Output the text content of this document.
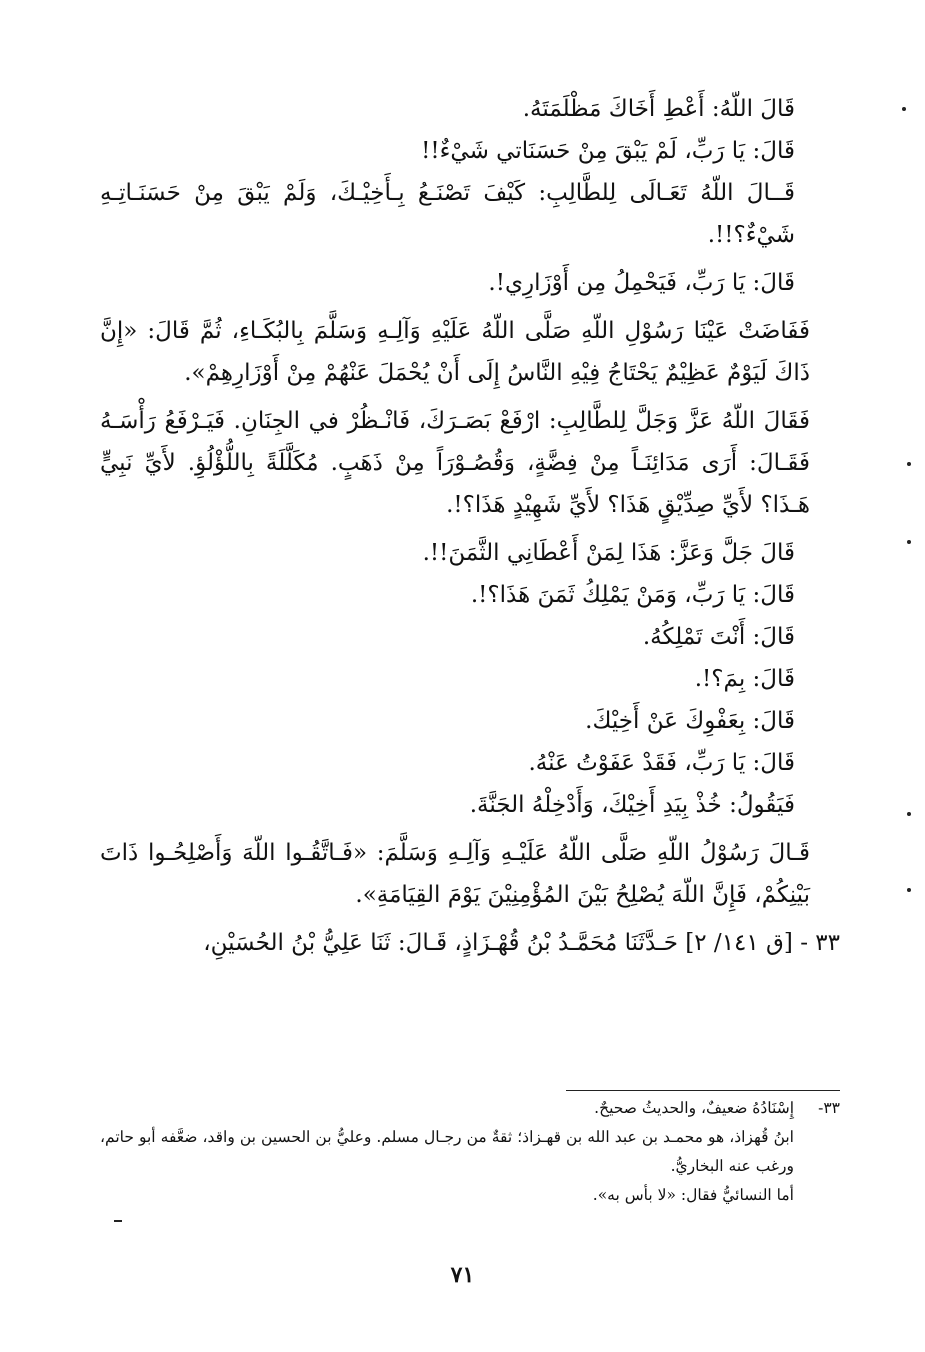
قَالَ اللّهُ: أَعْطِ أَخَاكَ مَظْلَمَتَهُ.

قَالَ: يَا رَبِّ، لَمْ يَبْقَ مِنْ حَسَنَاتي شَيْءٌ!!

قَــالَ اللّهُ تَعَـالَى لِلطَّالِبِ: كَيْفَ تَصْنَـعُ بِـأَخِيْـكَ، وَلَمْ يَبْقَ مِنْ حَسَنَـاتِـهِ شَيْءٌ؟!!.

قَالَ: يَا رَبِّ، فَيَحْمِلُ مِن أَوْزَارِي!.

فَفَاضَتْ عَيْنَا رَسُوْلِ اللّهِ صَلَّى اللّهُ عَلَيْهِ وَآلِـهِ وَسَلَّمَ بِالبُكَـاءِ، ثُمَّ قَالَ: «إِنَّ ذَاكَ لَيَوْمٌ عَظِيْمٌ يَحْتَاجُ فِيْهِ النَّاسُ إِلَى أَنْ يُحْمَلَ عَنْهُمْ مِنْ أَوْزَارِهِمْ».

فَقَالَ اللّهُ عَزَّ وَجَلَّ لِلطَّالِبِ: ارْفَعْ بَصَـرَكَ، فَانْـظُرْ في الجِنَانِ. فَيَـرْفَعُ رَأْسَـهُ فَقَـالَ: أَرَى مَدَائِنَـاً مِنْ فِضَّةٍ، وَقُصُـوْرَاً مِنْ ذَهَبٍ. مُكَلَّلَةً بِاللُّؤْلُؤِ. لأَيِّ نَبِيٍّ هَـذَا؟ لأَيِّ صِدِّيْقٍ هَذَا؟ لأَيِّ شَهِيْدٍ هَذَا؟!.

قَالَ جَلَّ وَعَزَّ: هَذَا لِمَنْ أَعْطَانِي الثَّمَنَ!!.

قَالَ: يَا رَبِّ، وَمَنْ يَمْلِكُ ثَمَنَ هَذَا؟!.

قَالَ: أَنْتَ تَمْلِكُهُ.

قَالَ: بِمَ؟!.

قَالَ: بِعَفْوِكَ عَنْ أَخِيْكَ.

قَالَ: يَا رَبِّ، فَقَدْ عَفَوْتُ عَنْهُ.

فَيَقُولُ: خُذْ بِيَدِ أَخِيْكَ، وَأَدْخِلْهُ الجَنَّةَ.

قَـالَ رَسُوْلُ اللّهِ صَلَّى اللّهُ عَلَيْـهِ وَآلِـهِ وَسَلَّمَ: «فَـاتَّقُـوا اللّهَ وَأَصْلِحُـوا ذَاتَ بَيْنِكُمْ، فَإِنَّ اللّهَ يُصْلِحُ بَيْنَ المُؤْمِنِيْنَ يَوْمَ القِيَامَةِ».

٣٣ - [ق ١٤١/ ٢] حَـدَّثَنَا مُحَمَّـدُ بْنُ قُهْـزَاذٍ، قَـالَ: ثَنَا عَلِيُّ بْنُ الحُسَيْنِ،

٣٣-إِسْنَادُهُ ضعيفٌ، والحديثُ صحيحٌ.

ابنُ قُهزاذ، هو محمـد بن عبد الله بن قهـزاذ؛ ثقةٌ من رجـال مسلم. وعليُّ بن الحسين بن واقد، ضعَّفه أبو حاتم، ورغب عنه البخاريُّ.

أما النسائيُّ فقال: «لا بأس به».

٧١
